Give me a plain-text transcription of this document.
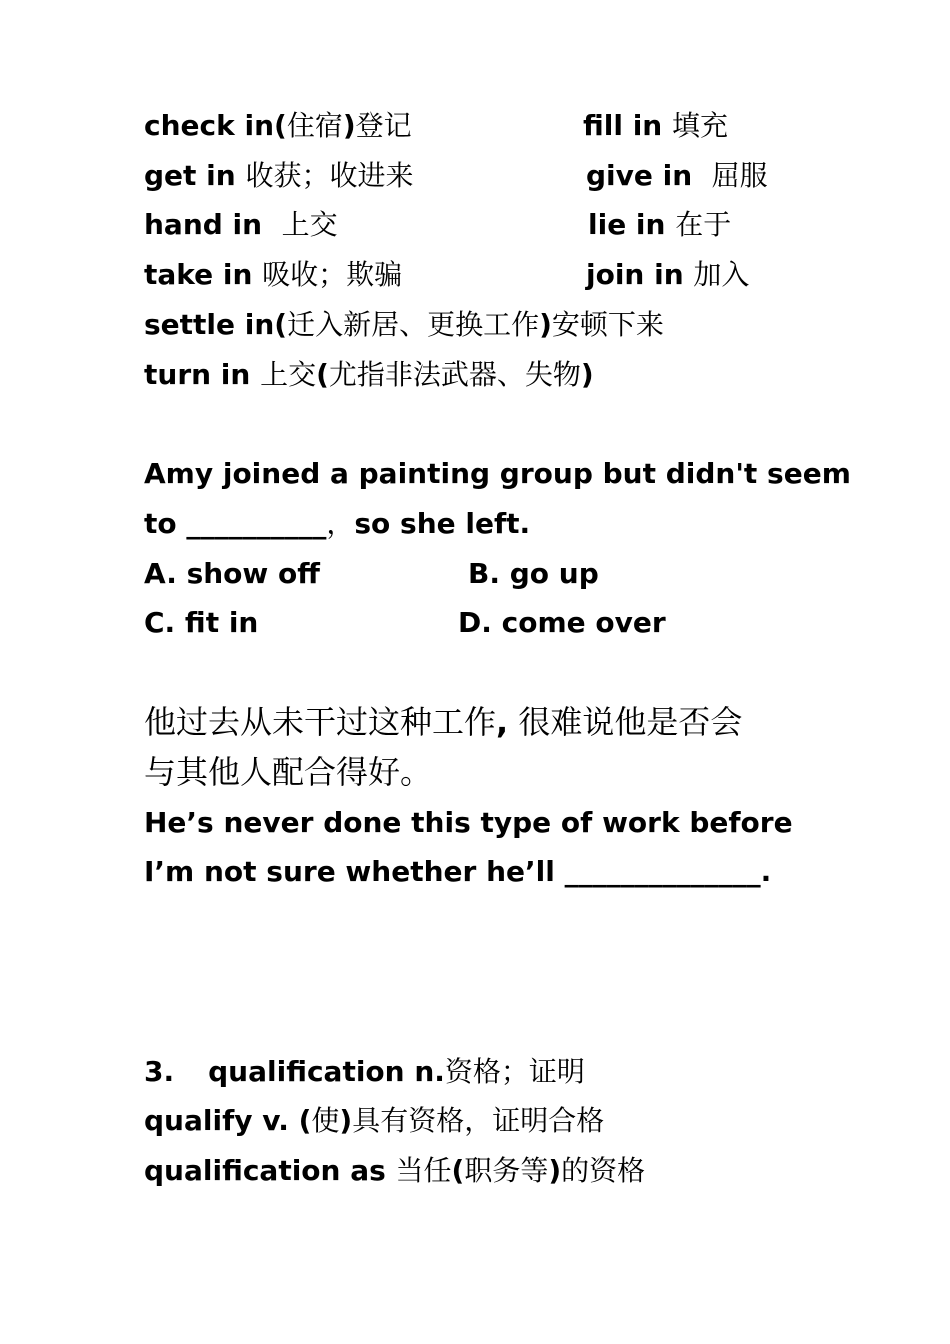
check in(住宿)登记
get in 收获；收进来
hand in  上交
take in 吸收；欺骗
settle in(迁入新居、更换工作)安顿下来
turn in 上交(尤指非法武器、失物)
fill in 填充
give in  屈服
lie in 在于
join in 加入
Amy joined a painting group but didn't seem
to __________，so she left.
A. show off	B. go up
C. fit in	D. come over
他过去从未干过这种工作, 很难说他是否会
与其他人配合得好。
He’s never done this type of work before
I’m not sure whether he’ll ______________.
3. qualification n.资格；证明
qualify v. (使)具有资格，证明合格
qualification as 当任(职务等)的资格
